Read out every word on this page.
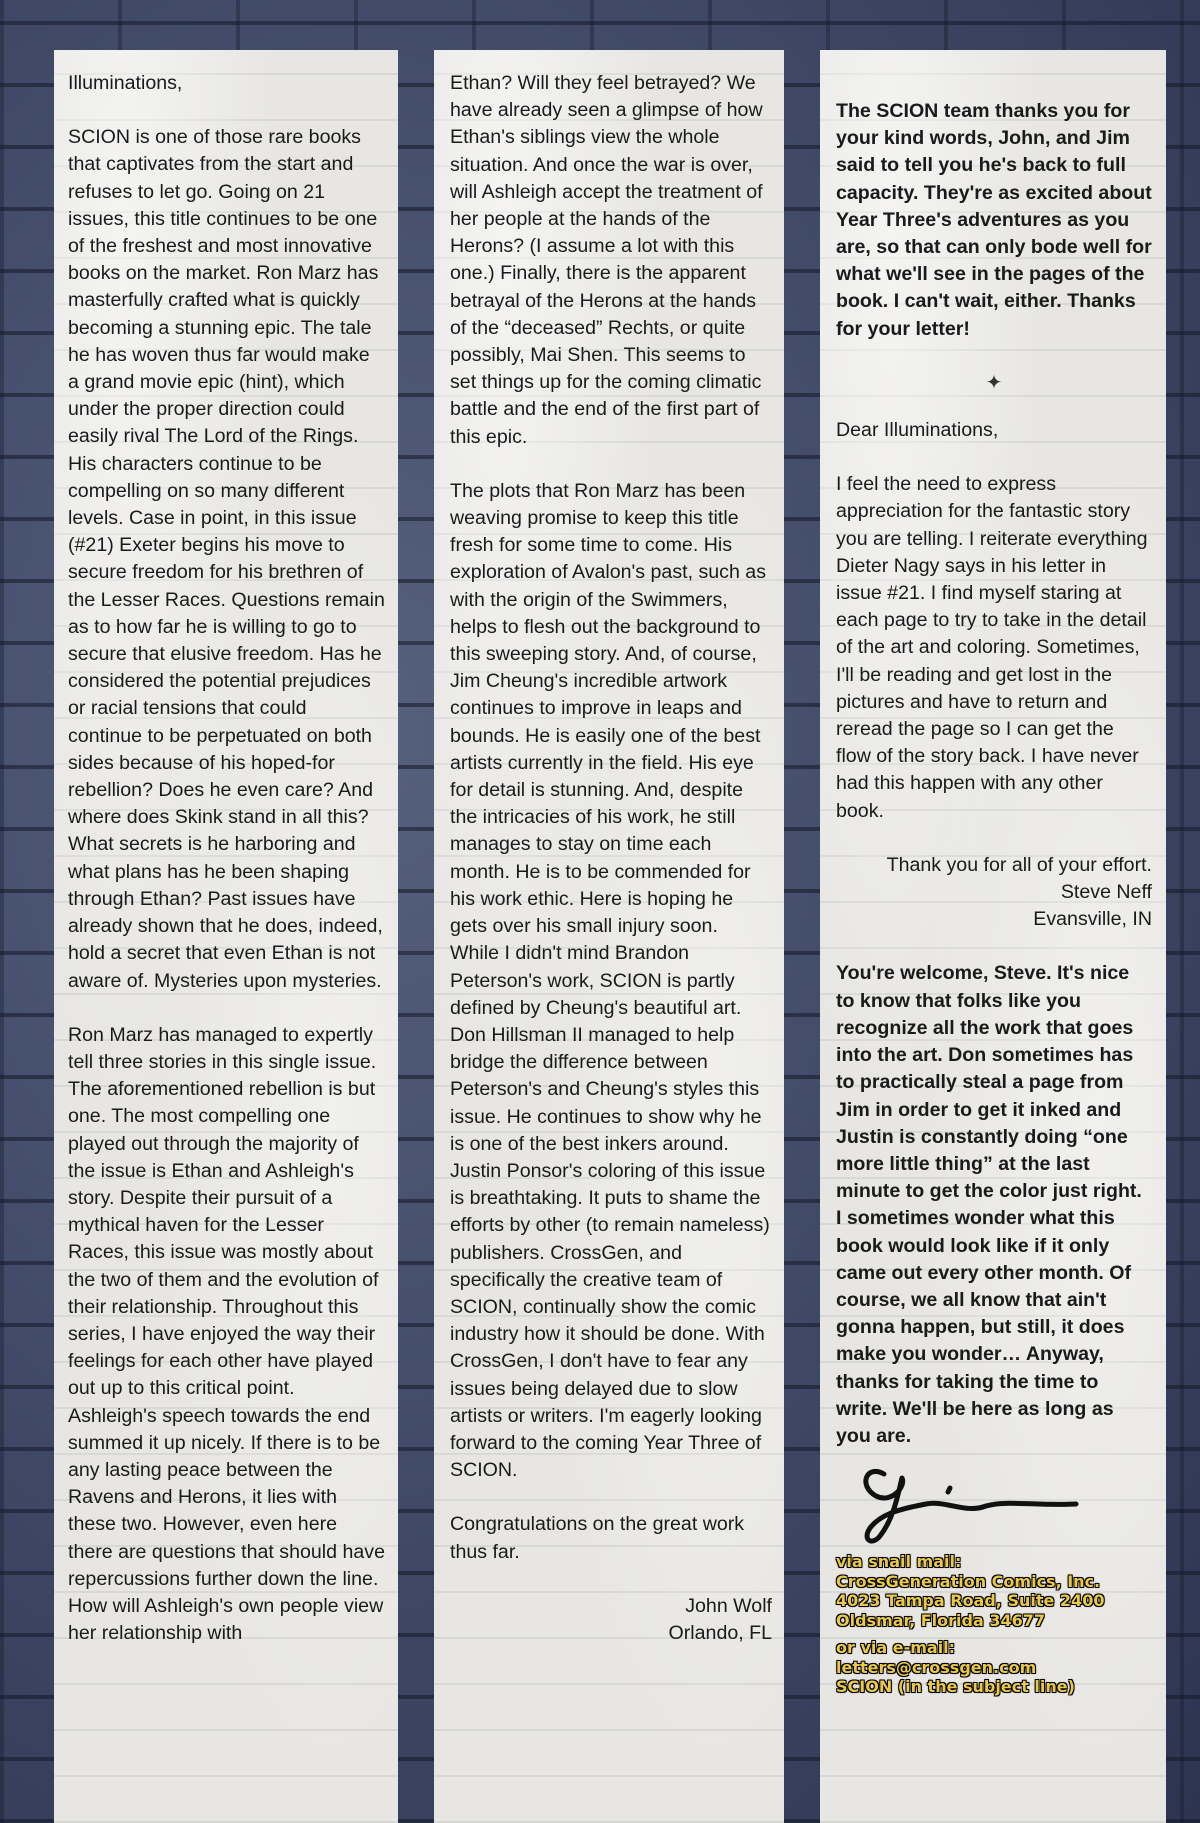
Illuminations,

SCION is one of those rare books that captivates from the start and refuses to let go. Going on 21 issues, this title continues to be one of the freshest and most innovative books on the market. Ron Marz has masterfully crafted what is quickly becoming a stunning epic. The tale he has woven thus far would make a grand movie epic (hint), which under the proper direction could easily rival The Lord of the Rings. His characters continue to be compelling on so many different levels. Case in point, in this issue (#21) Exeter begins his move to secure freedom for his brethren of the Lesser Races. Questions remain as to how far he is willing to go to secure that elusive freedom. Has he considered the potential prejudices or racial tensions that could continue to be perpetuated on both sides because of his hoped-for rebellion? Does he even care? And where does Skink stand in all this? What secrets is he harboring and what plans has he been shaping through Ethan? Past issues have already shown that he does, indeed, hold a secret that even Ethan is not aware of. Mysteries upon mysteries.

Ron Marz has managed to expertly tell three stories in this single issue. The aforementioned rebellion is but one. The most compelling one played out through the majority of the issue is Ethan and Ashleigh's story. Despite their pursuit of a mythical haven for the Lesser Races, this issue was mostly about the two of them and the evolution of their relationship. Throughout this series, I have enjoyed the way their feelings for each other have played out up to this critical point. Ashleigh's speech towards the end summed it up nicely. If there is to be any lasting peace between the Ravens and Herons, it lies with these two. However, even here there are questions that should have repercussions further down the line. How will Ashleigh's own people view her relationship with

Ethan? Will they feel betrayed? We have already seen a glimpse of how Ethan's siblings view the whole situation. And once the war is over, will Ashleigh accept the treatment of her people at the hands of the Herons? (I assume a lot with this one.) Finally, there is the apparent betrayal of the Herons at the hands of the “deceased” Rechts, or quite possibly, Mai Shen. This seems to set things up for the coming climatic battle and the end of the first part of this epic.

The plots that Ron Marz has been weaving promise to keep this title fresh for some time to come. His exploration of Avalon's past, such as with the origin of the Swimmers, helps to flesh out the background to this sweeping story. And, of course, Jim Cheung's incredible artwork continues to improve in leaps and bounds. He is easily one of the best artists currently in the field. His eye for detail is stunning. And, despite the intricacies of his work, he still manages to stay on time each month. He is to be commended for his work ethic. Here is hoping he gets over his small injury soon. While I didn't mind Brandon Peterson's work, SCION is partly defined by Cheung's beautiful art. Don Hillsman II managed to help bridge the difference between Peterson's and Cheung's styles this issue. He continues to show why he is one of the best inkers around. Justin Ponsor's coloring of this issue is breathtaking. It puts to shame the efforts by other (to remain nameless) publishers. CrossGen, and specifically the creative team of SCION, continually show the comic industry how it should be done. With CrossGen, I don't have to fear any issues being delayed due to slow artists or writers. I'm eagerly looking forward to the coming Year Three of SCION.

Congratulations on the great work thus far.

John Wolf

Orlando, FL

The SCION team thanks you for your kind words, John, and Jim said to tell you he's back to full capacity. They're as excited about Year Three's adventures as you are, so that can only bode well for what we'll see in the pages of the book. I can't wait, either. Thanks for your letter!

✦

Dear Illuminations,

I feel the need to express appreciation for the fantastic story you are telling. I reiterate everything Dieter Nagy says in his letter in issue #21. I find myself staring at each page to try to take in the detail of the art and coloring. Sometimes, I'll be reading and get lost in the pictures and have to return and reread the page so I can get the flow of the story back. I have never had this happen with any other book.

Thank you for all of your effort.

Steve Neff

Evansville, IN

You're welcome, Steve. It's nice to know that folks like you recognize all the work that goes into the art. Don sometimes has to practically steal a page from Jim in order to get it inked and Justin is constantly doing “one more little thing” at the last minute to get the color just right. I sometimes wonder what this book would look like if it only came out every other month. Of course, we all know that ain't gonna happen, but still, it does make you wonder… Anyway, thanks for taking the time to write. We'll be here as long as you are.

via snail mail:
CrossGeneration Comics, Inc.
4023 Tampa Road, Suite 2400
Oldsmar, Florida 34677
or via e-mail:
letters@crossgen.com
SCION (in the subject line)
